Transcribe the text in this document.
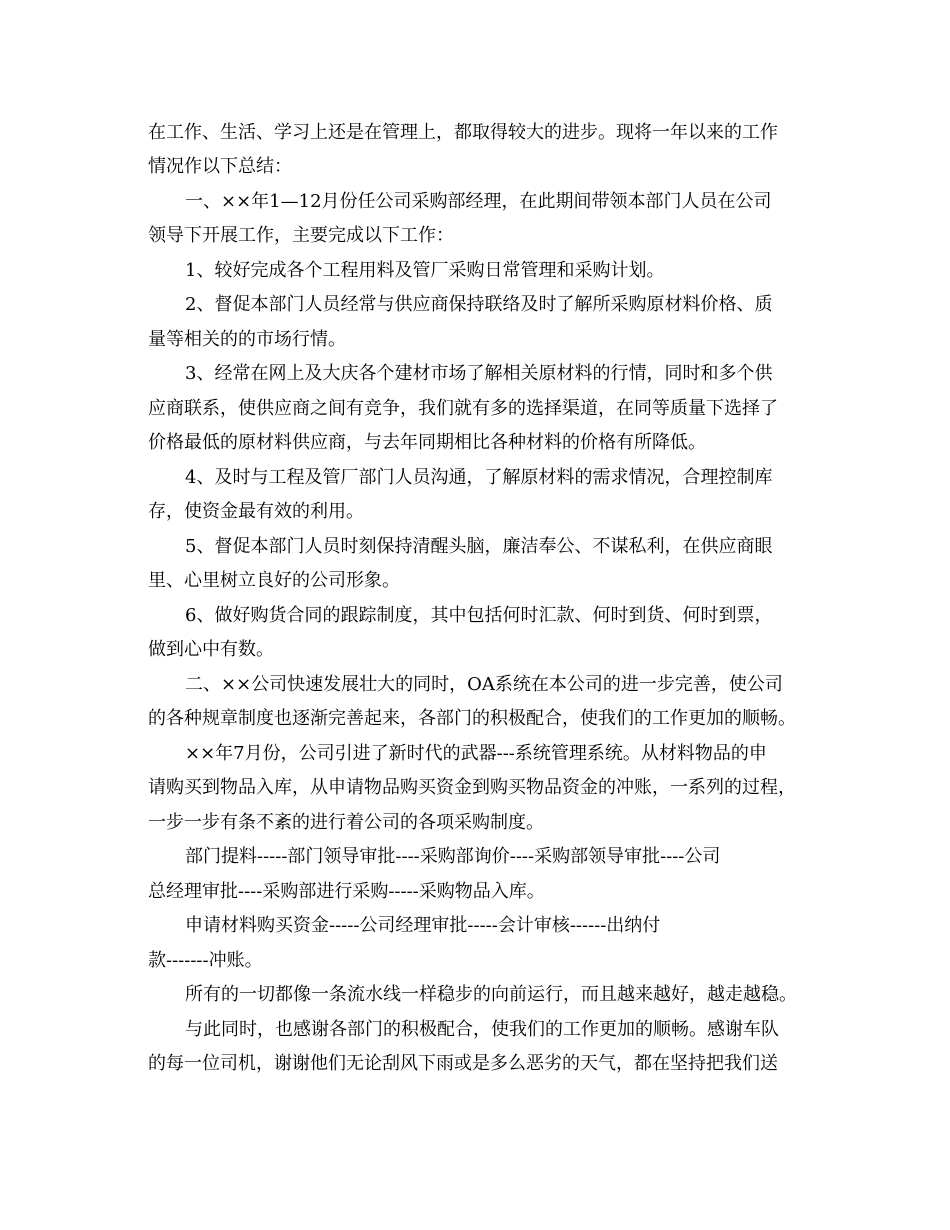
在工作、生活、学习上还是在管理上，都取得较大的进步。现将一年以来的工作
情况作以下总结：
一、××年1—12月份任公司采购部经理，在此期间带领本部门人员在公司
领导下开展工作，主要完成以下工作：
1、较好完成各个工程用料及管厂采购日常管理和采购计划。
2、督促本部门人员经常与供应商保持联络及时了解所采购原材料价格、质
量等相关的的市场行情。
3、经常在网上及大庆各个建材市场了解相关原材料的行情，同时和多个供
应商联系，使供应商之间有竞争，我们就有多的选择渠道，在同等质量下选择了
价格最低的原材料供应商，与去年同期相比各种材料的价格有所降低。
4、及时与工程及管厂部门人员沟通，了解原材料的需求情况，合理控制库
存，使资金最有效的利用。
5、督促本部门人员时刻保持清醒头脑，廉洁奉公、不谋私利，在供应商眼
里、心里树立良好的公司形象。
6、做好购货合同的跟踪制度，其中包括何时汇款、何时到货、何时到票，
做到心中有数。
二、××公司快速发展壮大的同时，OA系统在本公司的进一步完善，使公司
的各种规章制度也逐渐完善起来，各部门的积极配合，使我们的工作更加的顺畅。
××年7月份，公司引进了新时代的武器---系统管理系统。从材料物品的申
请购买到物品入库，从申请物品购买资金到购买物品资金的冲账，一系列的过程，
一步一步有条不紊的进行着公司的各项采购制度。
部门提料-----部门领导审批----采购部询价----采购部领导审批----公司
总经理审批----采购部进行采购-----采购物品入库。
申请材料购买资金-----公司经理审批-----会计审核------出纳付
款-------冲账。
所有的一切都像一条流水线一样稳步的向前运行，而且越来越好，越走越稳。
与此同时，也感谢各部门的积极配合，使我们的工作更加的顺畅。感谢车队
的每一位司机，谢谢他们无论刮风下雨或是多么恶劣的天气，都在坚持把我们送
